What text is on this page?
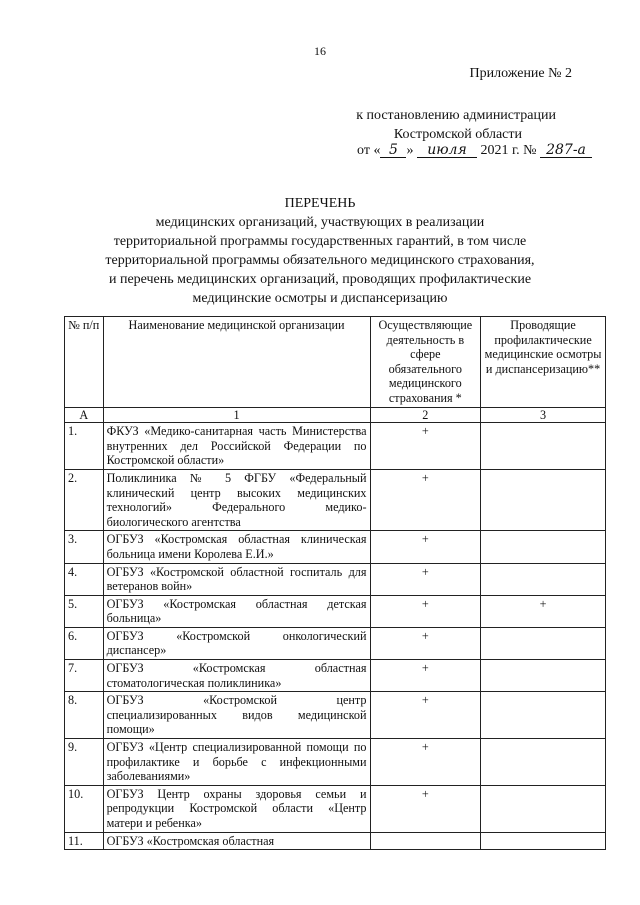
16
Приложение № 2
к постановлению администрации
Костромской области
от « 5 » июля 2021 г. № 287-а
ПЕРЕЧЕНЬ
медицинских организаций, участвующих в реализации
территориальной программы государственных гарантий, в том числе
территориальной программы обязательного медицинского страхования,
и перечень медицинских организаций, проводящих профилактические
медицинские осмотры и диспансеризацию
№ п/п	Наименование медицинской организации	Осуществляющие деятельность в сфере обязательного медицинского страхования *	Проводящие профилактические медицинские осмотры и диспансеризацию**
А	1	2	3
1.	ФКУЗ «Медико-санитарная часть Министерства внутренних дел Российской Федерации по Костромской области»	+	
2.	Поликлиника № 5 ФГБУ «Федеральный клинический центр высоких медицинских технологий» Федерального медико-биологического агентства	+	
3.	ОГБУЗ «Костромская областная клиническая больница имени Королева Е.И.»	+	
4.	ОГБУЗ «Костромской областной госпиталь для ветеранов войн»	+	
5.	ОГБУЗ «Костромская областная детская больница»	+	+
6.	ОГБУЗ «Костромской онкологический диспансер»	+	
7.	ОГБУЗ «Костромская областная стоматологическая поликлиника»	+	
8.	ОГБУЗ «Костромской центр специализированных видов медицинской помощи»	+	
9.	ОГБУЗ «Центр специализированной помощи по профилактике и борьбе с инфекционными заболеваниями»	+	
10.	ОГБУЗ Центр охраны здоровья семьи и репродукции Костромской области «Центр матери и ребенка»	+	
11.	ОГБУЗ «Костромская областная		
